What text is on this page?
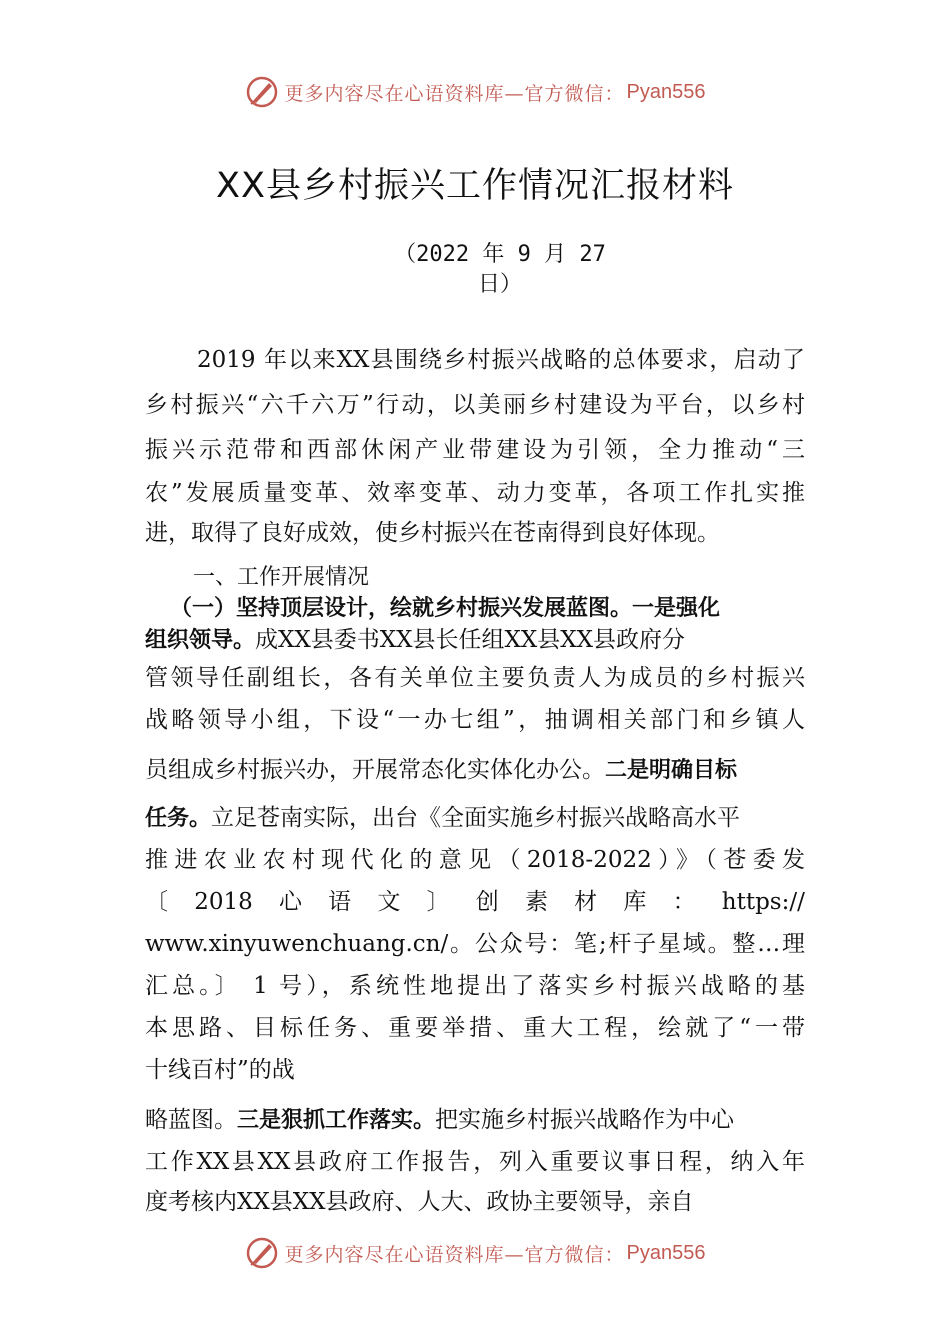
更多内容尽在心语资料库—官方微信： Pyan556
XX县乡村振兴工作情况汇报材料
（2022 年 9 月 27
日）
2019 年以来XX县围绕乡村振兴战略的总体要求，启动了
乡村振兴“六千六万”行动，以美丽乡村建设为平台，以乡村
振兴示范带和西部休闲产业带建设为引领，全力推动“三
农”发展质量变革、效率变革、动力变革，各项工作扎实推
进，取得了良好成效，使乡村振兴在苍南得到良好体现。
一、工作开展情况
（一）坚持顶层设计，绘就乡村振兴发展蓝图。一是强化
组织领导。成XX县委书XX县长任组XX县XX县政府分
管领导任副组长，各有关单位主要负责人为成员的乡村振兴
战略领导小组，下设“一办七组”，抽调相关部门和乡镇人
员组成乡村振兴办，开展常态化实体化办公。二是明确目标
任务。立足苍南实际，出台《全面实施乡村振兴战略高水平
推进农业农村现代化的意见（2018-2022）》（苍委发
〔 2018 心 语 文 〕 创 素 材 库 ： https://
www.xinyuwenchuang.cn/。公众号：笔;杆子星域。整…理
汇总。〕 1 号），系统性地提出了落实乡村振兴战略的基
本思路、目标任务、重要举措、重大工程，绘就了“一带
十线百村”的战
略蓝图。三是狠抓工作落实。把实施乡村振兴战略作为中心
工作XX县XX县政府工作报告，列入重要议事日程，纳入年
度考核内XX县XX县政府、人大、政协主要领导，亲自
更多内容尽在心语资料库—官方微信： Pyan556
